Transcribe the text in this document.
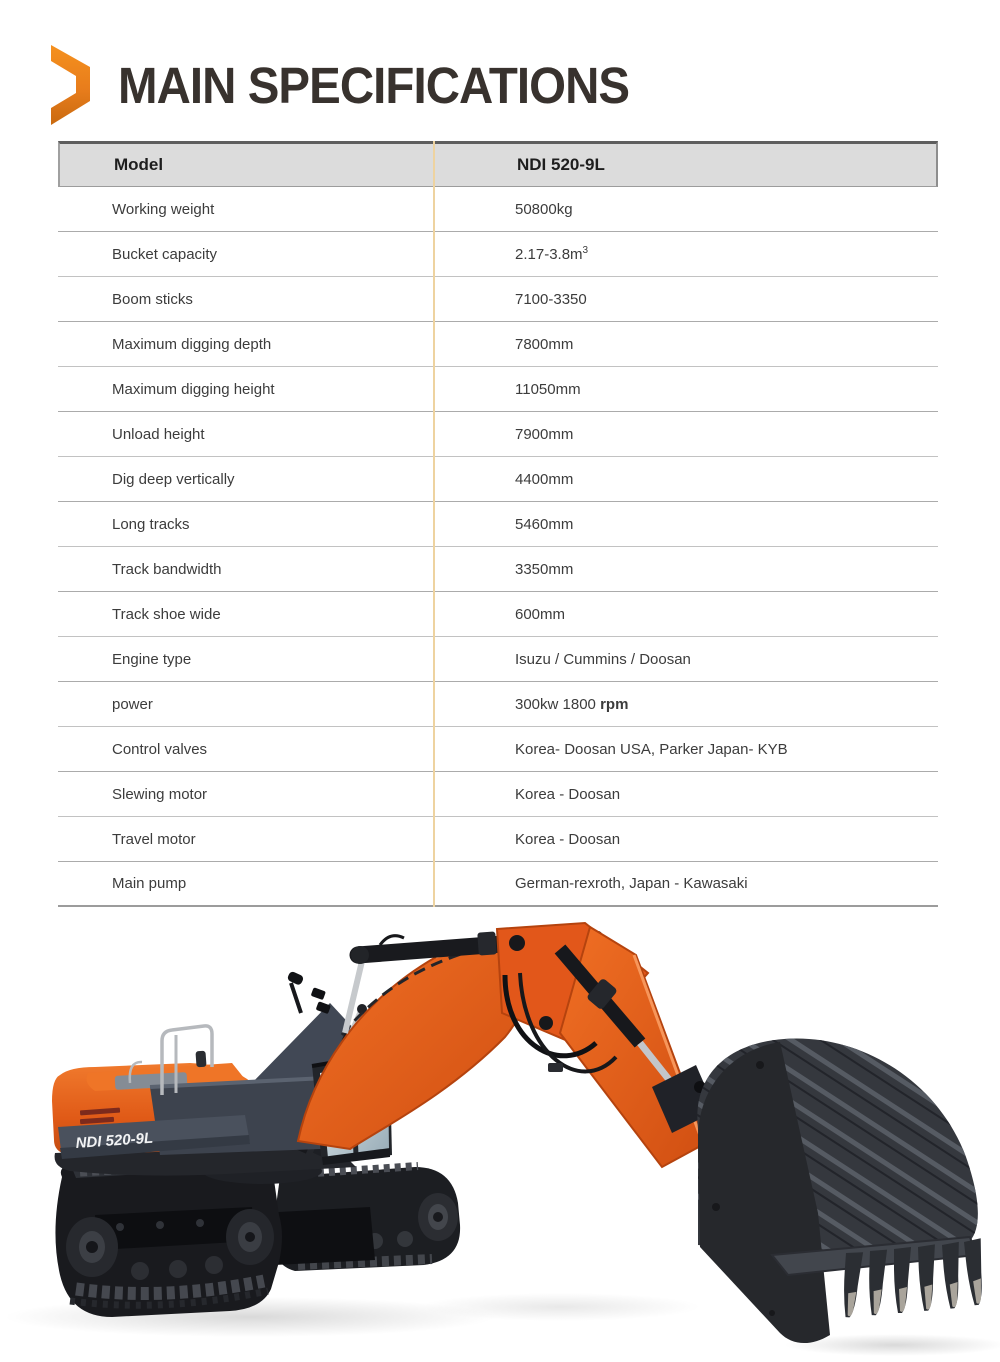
MAIN SPECIFICATIONS
Model	NDI 520-9L
Working weight	50800kg
Bucket capacity	$2.17-3.8m^3$
Boom sticks	7100-3350
Maximum digging depth	7800mm
Maximum digging height	11050mm
Unload height	7900mm
Dig deep vertically	4400mm
Long tracks	5460mm
Track bandwidth	3350mm
Track shoe wide	600mm
Engine type	Isuzu / Cummins / Doosan
power	300kw 1800 rpm
Control valves	Korea- Doosan USA, Parker Japan- KYB
Slewing motor	Korea - Doosan
Travel motor	Korea - Doosan
Main pump	German-rexroth, Japan - Kawasaki
NDI 520-9L
